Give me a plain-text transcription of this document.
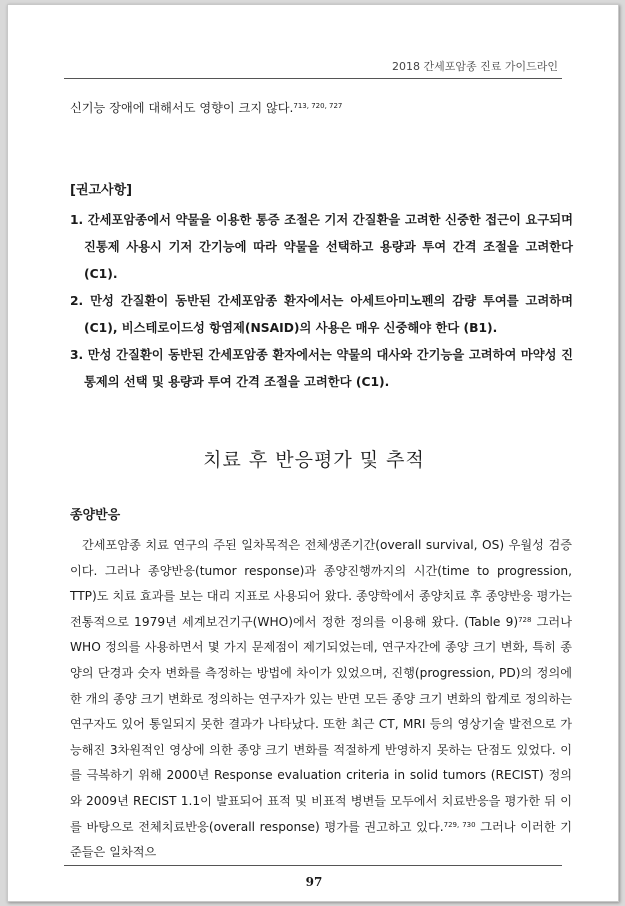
2018 간세포암종 진료 가이드라인

신기능 장애에 대해서도 영향이 크지 않다.$^{713, 720, 727}$

[권고사항]
1. 간세포암종에서 약물을 이용한 통증 조절은 기저 간질환을 고려한 신중한 접근이 요구되며 진통제 사용시 기저 간기능에 따라 약물을 선택하고 용량과 투여 간격 조절을 고려한다 (C1).
2. 만성 간질환이 동반된 간세포암종 환자에서는 아세트아미노펜의 감량 투여를 고려하며 (C1), 비스테로이드성 항염제(NSAID)의 사용은 매우 신중해야 한다 (B1).
3. 만성 간질환이 동반된 간세포암종 환자에서는 약물의 대사와 간기능을 고려하여 마약성 진통제의 선택 및 용량과 투여 간격 조절을 고려한다 (C1).
치료 후 반응평가 및 추적
종양반응

간세포암종 치료 연구의 주된 일차목적은 전체생존기간(overall survival, OS) 우월성 검증이다. 그러나 종양반응(tumor response)과 종양진행까지의 시간(time to progression, TTP)도 치료 효과를 보는 대리 지표로 사용되어 왔다. 종양학에서 종양치료 후 종양반응 평가는 전통적으로 1979년 세계보건기구(WHO)에서 정한 정의를 이용해 왔다. (Table 9)$^{728}$ 그러나 WHO 정의를 사용하면서 몇 가지 문제점이 제기되었는데, 연구자간에 종양 크기 변화, 특히 종양의 단경과 숫자 변화를 측정하는 방법에 차이가 있었으며, 진행(progression, PD)의 정의에 한 개의 종양 크기 변화로 정의하는 연구자가 있는 반면 모든 종양 크기 변화의 합계로 정의하는 연구자도 있어 통일되지 못한 결과가 나타났다. 또한 최근 CT, MRI 등의 영상기술 발전으로 가능해진 3차원적인 영상에 의한 종양 크기 변화를 적절하게 반영하지 못하는 단점도 있었다. 이를 극복하기 위해 2000년 Response evaluation criteria in solid tumors (RECIST) 정의와 2009년 RECIST 1.1이 발표되어 표적 및 비표적 병변들 모두에서 치료반응을 평가한 뒤 이를 바탕으로 전체치료반응(overall response) 평가를 권고하고 있다.$^{729, 730}$ 그러나 이러한 기준들은 일차적으

97
